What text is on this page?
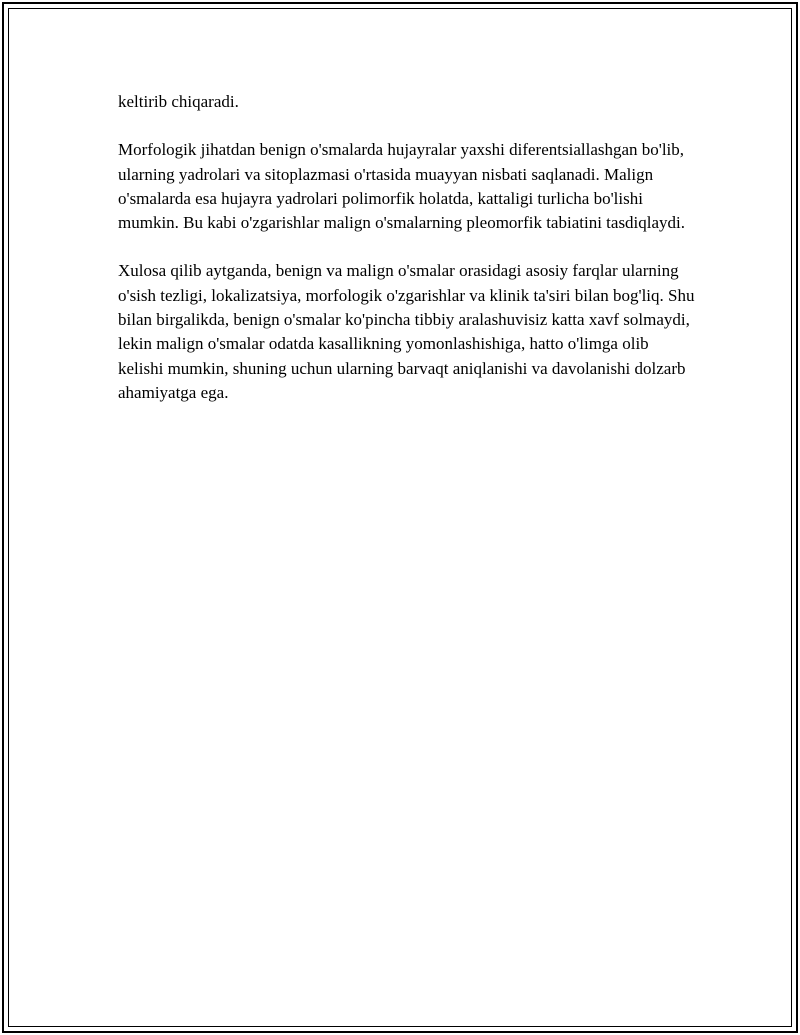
keltirib chiqaradi.

Morfologik jihatdan benign o'smalarda hujayralar yaxshi diferentsiallashgan bo'lib, ularning yadrolari va sitoplazmasi o'rtasida muayyan nisbati saqlanadi. Malign o'smalarda esa hujayra yadrolari polimorfik holatda, kattaligi turlicha bo'lishi mumkin. Bu kabi o'zgarishlar malign o'smalarning pleomorfik tabiatini tasdiqlaydi.

Xulosa qilib aytganda, benign va malign o'smalar orasidagi asosiy farqlar ularning o'sish tezligi, lokalizatsiya, morfologik o'zgarishlar va klinik ta'siri bilan bog'liq. Shu bilan birgalikda, benign o'smalar ko'pincha tibbiy aralashuvisiz katta xavf solmaydi, lekin malign o'smalar odatda kasallikning yomonlashishiga, hatto o'limga olib kelishi mumkin, shuning uchun ularning barvaqt aniqlanishi va davolanishi dolzarb ahamiyatga ega.
